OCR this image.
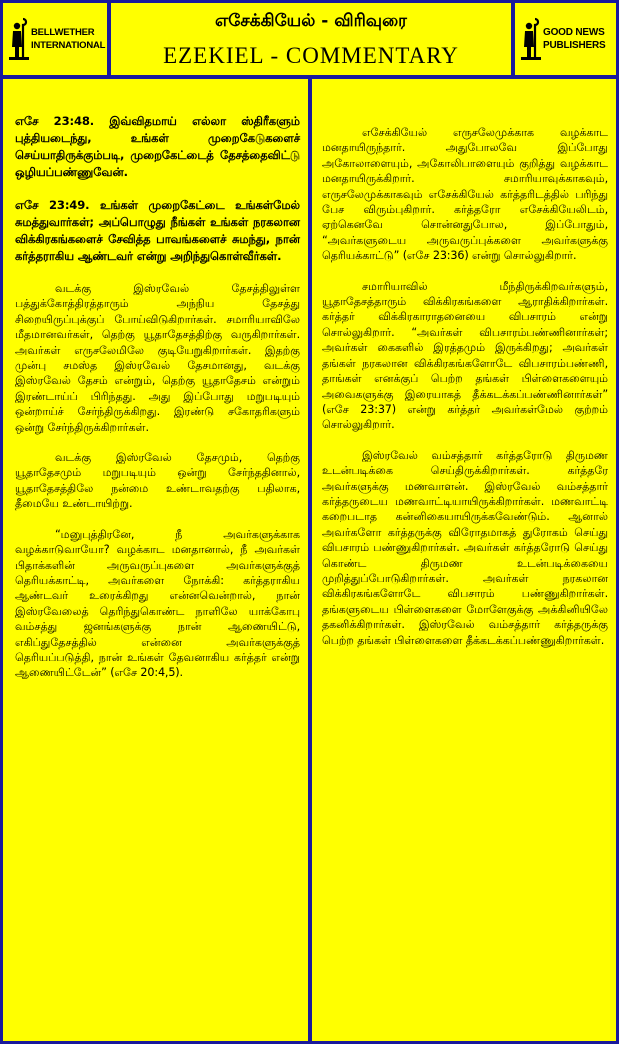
BELLWETHER
INTERNATIONAL
எசேக்கியேல் - விரிவுரை
EZEKIEL - COMMENTARY
GOOD NEWS
PUBLISHERS

எசே 23:48. இவ்விதமாய் எல்லா ஸ்திரீகளும் புத்தியடைந்து, உங்கள் முறைகேடுகளைச் செய்யாதிருக்கும்படி, முறைகேட்டைத் தேசத்தைவிட்டு ஒழியப்பண்ணுவேன்.

எசே 23:49. உங்கள் முறைகேட்டை உங்கள்மேல் சுமத்துவார்கள்; அப்பொழுது நீங்கள் உங்கள் நரகலான விக்கிரகங்களைச் சேவித்த பாவங்களைச் சுமந்து, நான் கர்த்தராகிய ஆண்டவர் என்று அறிந்துகொள்வீர்கள்.

வடக்கு இஸ்ரவேல் தேசத்திலுள்ள பத்துக்கோத்திரத்தாரும் அந்நிய தேசத்து சிறையிருப்புக்குப் போய்விடுகிறார்கள். சமாரியாவிலே மீதமானவர்கள், தெற்கு யூதாதேசத்திற்கு வருகிறார்கள். அவர்கள் எருசலேமிலே குடியேறுகிறார்கள். இதற்கு முன்பு சமஸ்த இஸ்ரவேல் தேசமானது, வடக்கு இஸ்ரவேல் தேசம் என்றும், தெற்கு யூதாதேசம் என்றும் இரண்டாய்ப் பிரிந்தது. அது இப்போது மறுபடியும் ஒன்றாய்ச் சேர்ந்திருக்கிறது. இரண்டு சகோதரிகளும் ஒன்று சேர்ந்திருக்கிறார்கள்.

வடக்கு இஸ்ரவேல் தேசமும், தெற்கு யூதாதேசமும் மறுபடியும் ஒன்று சேர்ந்ததினால், யூதாதேசத்திலே நன்மை உண்டாவதற்கு பதிலாக, தீமையே உண்டாயிற்று.

“மனுபுத்திரனே, நீ அவர்களுக்காக வழக்காடுவாயோ? வழக்காட மனதானால், நீ அவர்கள் பிதாக்களின் அருவருப்புகளை அவர்களுக்குத் தெரியக்காட்டி, அவர்களை நோக்கி: கர்த்தராகிய ஆண்டவர் உரைக்கிறது என்னவென்றால், நான் இஸ்ரவேலைத் தெரிந்துகொண்ட நாளிலே யாக்கோபு வம்சத்து ஜனங்களுக்கு நான் ஆணையிட்டு, எகிப்துதேசத்தில் என்னை அவர்களுக்குத் தெரியப்படுத்தி, நான் உங்கள் தேவனாகிய கர்த்தர் என்று ஆணையிட்டேன்” (எசே 20:4,5).

எசேக்கியேல் எருசலேமுக்காக வழக்காட மனதாயிருந்தார். அதுபோலவே இப்போது அகோலாளையும், அகோலிபாளையும் குறித்து வழக்காட மனதாயிருக்கிறார். சமாரியாவுக்காகவும், எருசலேமுக்காகவும் எசேக்கியேல் கர்த்தரிடத்தில் பரிந்து பேச விரும்புகிறார். கர்த்தரோ எசேக்கியேலிடம், ஏற்கெனவே சொன்னதுபோல, இப்போதும், “அவர்களுடைய அருவருப்புக்களை அவர்களுக்கு தெரியக்காட்டு” (எசே 23:36) என்று சொல்லுகிறார்.

சமாரியாவில் மீந்திருக்கிறவர்களும், யூதாதேசத்தாரும் விக்கிரகங்களை ஆராதிக்கிறார்கள். கர்த்தர் விக்கிரகாராதனையை விபசாரம் என்று சொல்லுகிறார். “அவர்கள் விபசாரம்பண்ணினார்கள்; அவர்கள் கைகளில் இரத்தமும் இருக்கிறது; அவர்கள் தங்கள் நரகலான விக்கிரகங்களோடே விபசாரம்பண்ணி, தாங்கள் எனக்குப் பெற்ற தங்கள் பிள்ளைகளையும் அவைகளுக்கு இரையாகத் தீக்கடக்கப்பண்ணினார்கள்” (எசே 23:37) என்று கர்த்தர் அவர்கள்மேல் குற்றம் சொல்லுகிறார்.

இஸ்ரவேல் வம்சத்தார் கர்த்தரோடு திருமண உடன்படிக்கை செய்திருக்கிறார்கள். கர்த்தரே அவர்களுக்கு மணவாளன். இஸ்ரவேல் வம்சத்தார் கர்த்தருடைய மணவாட்டியாயிருக்கிறார்கள். மணவாட்டி கறைபடாத கன்னிகையாயிருக்கவேண்டும். ஆனால் அவர்களோ கர்த்தருக்கு விரோதமாகத் துரோகம் செய்து விபசாரம் பண்ணுகிறார்கள். அவர்கள் கர்த்தரோடு செய்து கொண்ட திருமண உடன்படிக்கையை முறித்துப்போடுகிறார்கள். அவர்கள் நரகலான விக்கிரகங்களோடே விபசாரம் பண்ணுகிறார்கள். தங்களுடைய பிள்ளைகளை மோளேகுக்கு அக்கினியிலே தகனிக்கிறார்கள். இஸ்ரவேல் வம்சத்தார் கர்த்தருக்கு பெற்ற தங்கள் பிள்ளைகளை தீக்கடக்கப்பண்ணுகிறார்கள்.
